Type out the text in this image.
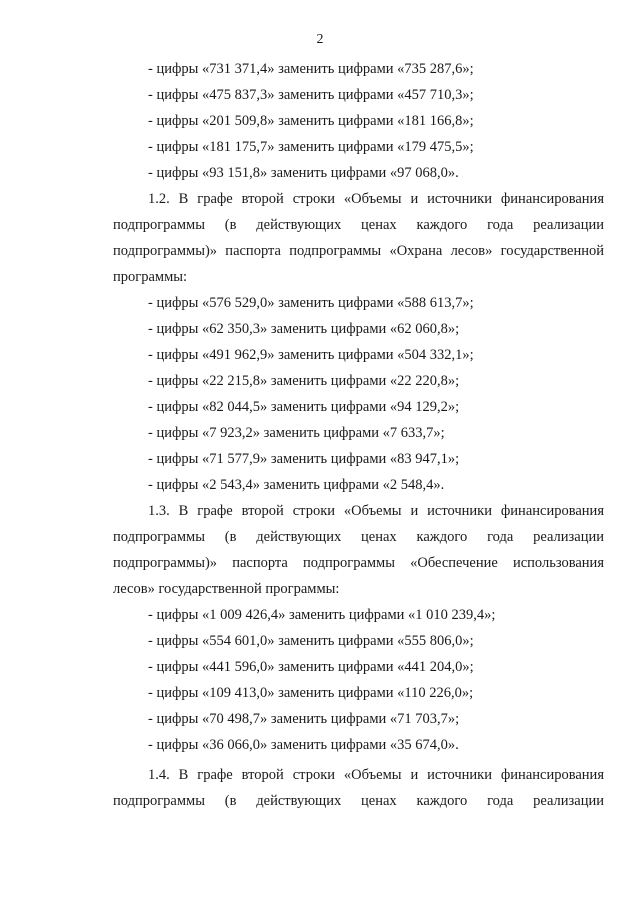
2
- цифры «731 371,4» заменить цифрами «735 287,6»;
- цифры «475 837,3» заменить цифрами «457 710,3»;
- цифры «201 509,8» заменить цифрами «181 166,8»;
- цифры «181 175,7» заменить цифрами «179 475,5»;
- цифры «93 151,8» заменить цифрами «97 068,0».
1.2. В графе второй строки «Объемы и источники финансирования
подпрограммы (в действующих ценах каждого года реализации
подпрограммы)» паспорта подпрограммы «Охрана лесов» государственной
программы:
- цифры «576 529,0» заменить цифрами «588 613,7»;
- цифры «62 350,3» заменить цифрами «62 060,8»;
- цифры «491 962,9» заменить цифрами «504 332,1»;
- цифры «22 215,8» заменить цифрами «22 220,8»;
- цифры «82 044,5» заменить цифрами «94 129,2»;
- цифры «7 923,2» заменить цифрами «7 633,7»;
- цифры «71 577,9» заменить цифрами «83 947,1»;
- цифры «2 543,4» заменить цифрами «2 548,4».
1.3. В графе второй строки «Объемы и источники финансирования
подпрограммы (в действующих ценах каждого года реализации
подпрограммы)» паспорта подпрограммы «Обеспечение использования
лесов» государственной программы:
- цифры «1 009 426,4» заменить цифрами «1 010 239,4»;
- цифры «554 601,0» заменить цифрами «555 806,0»;
- цифры «441 596,0» заменить цифрами «441 204,0»;
- цифры «109 413,0» заменить цифрами «110 226,0»;
- цифры «70 498,7» заменить цифрами «71 703,7»;
- цифры «36 066,0» заменить цифрами «35 674,0».
1.4. В графе второй строки «Объемы и источники финансирования
подпрограммы (в действующих ценах каждого года реализации
